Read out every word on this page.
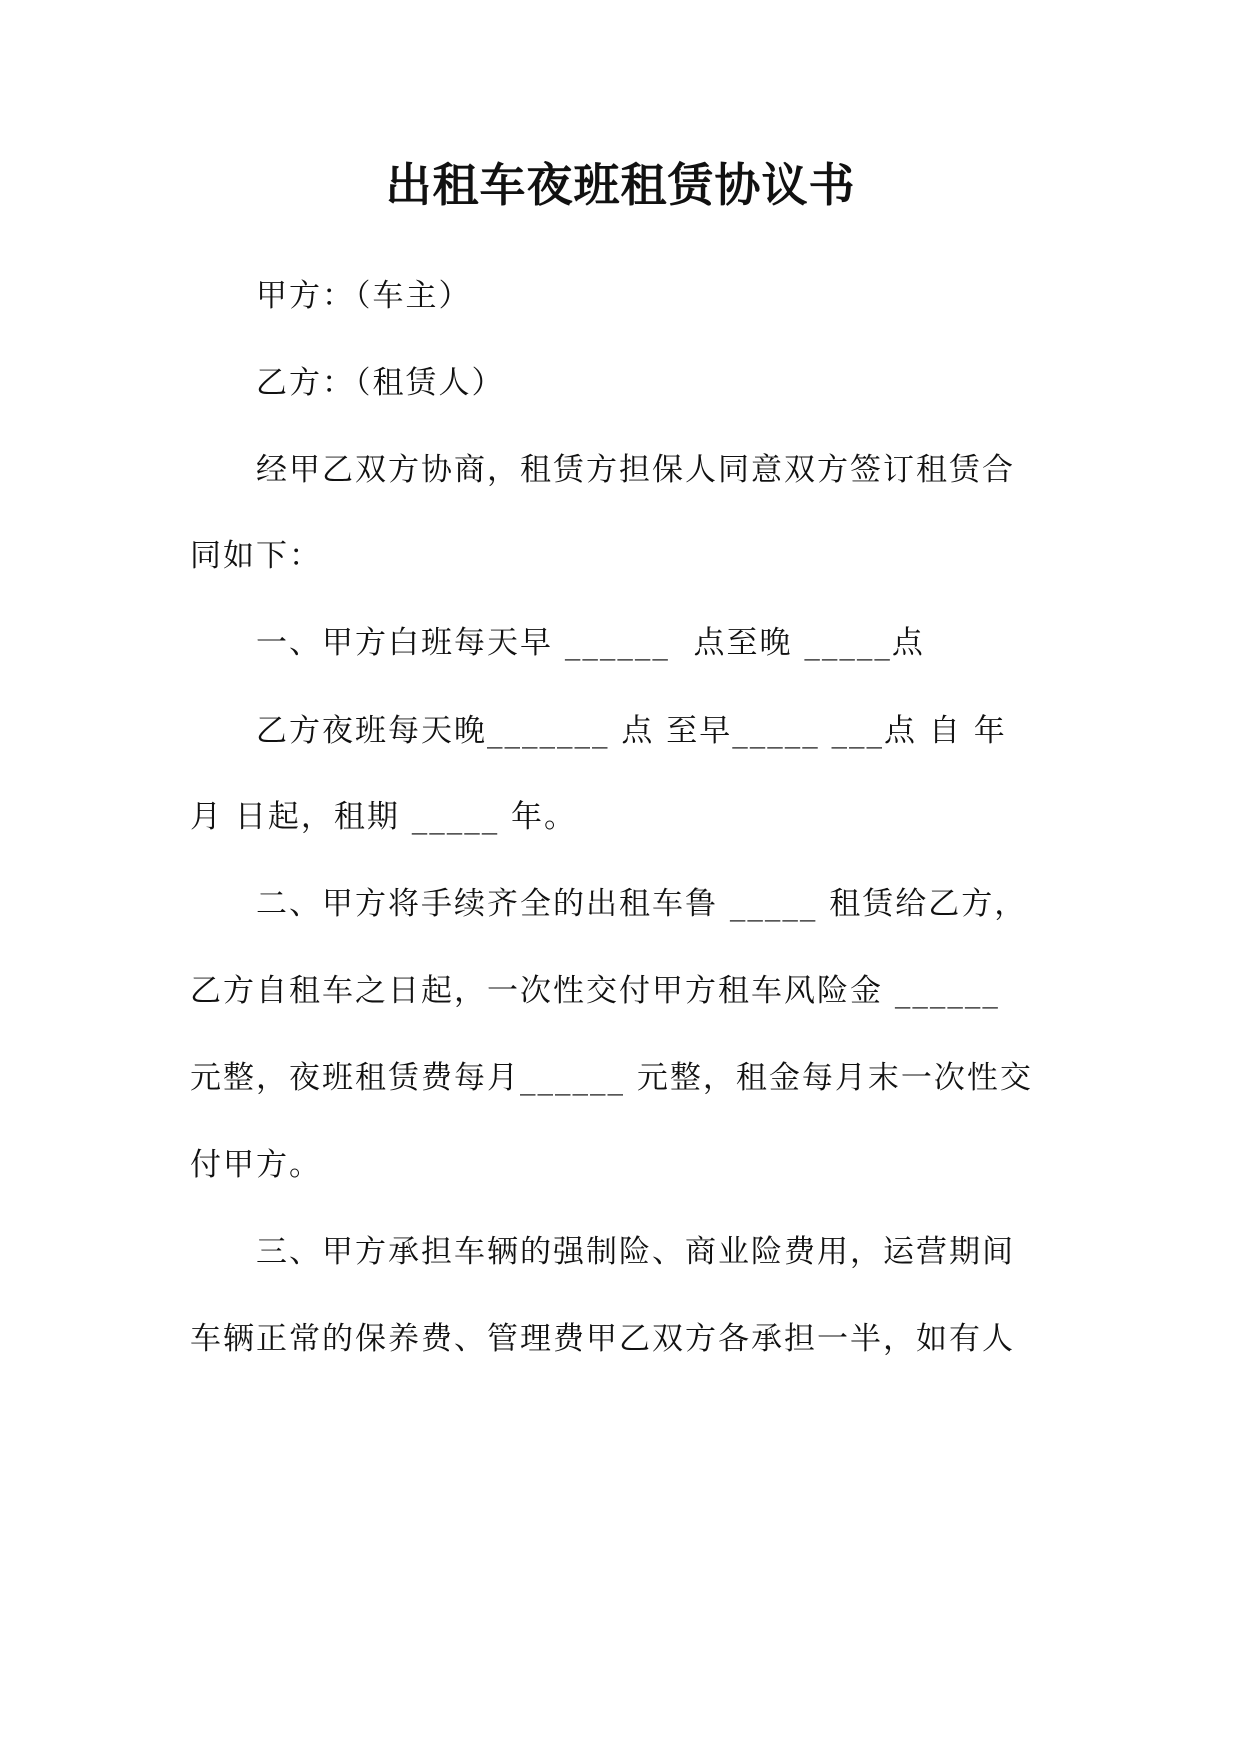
出租车夜班租赁协议书
甲方：（车主）
乙方：（租赁人）
经甲乙双方协商，租赁方担保人同意双方签订租赁合
同如下：
一、甲方白班每天早 ______  点至晚 _____点
乙方夜班每天晚_______ 点 至早_____ ___点 自 年
月 日起，租期 _____ 年。
二、甲方将手续齐全的出租车鲁 _____ 租赁给乙方，
乙方自租车之日起，一次性交付甲方租车风险金 ______
元整，夜班租赁费每月______ 元整，租金每月末一次性交
付甲方。
三、甲方承担车辆的强制险、商业险费用，运营期间
车辆正常的保养费、管理费甲乙双方各承担一半，如有人
